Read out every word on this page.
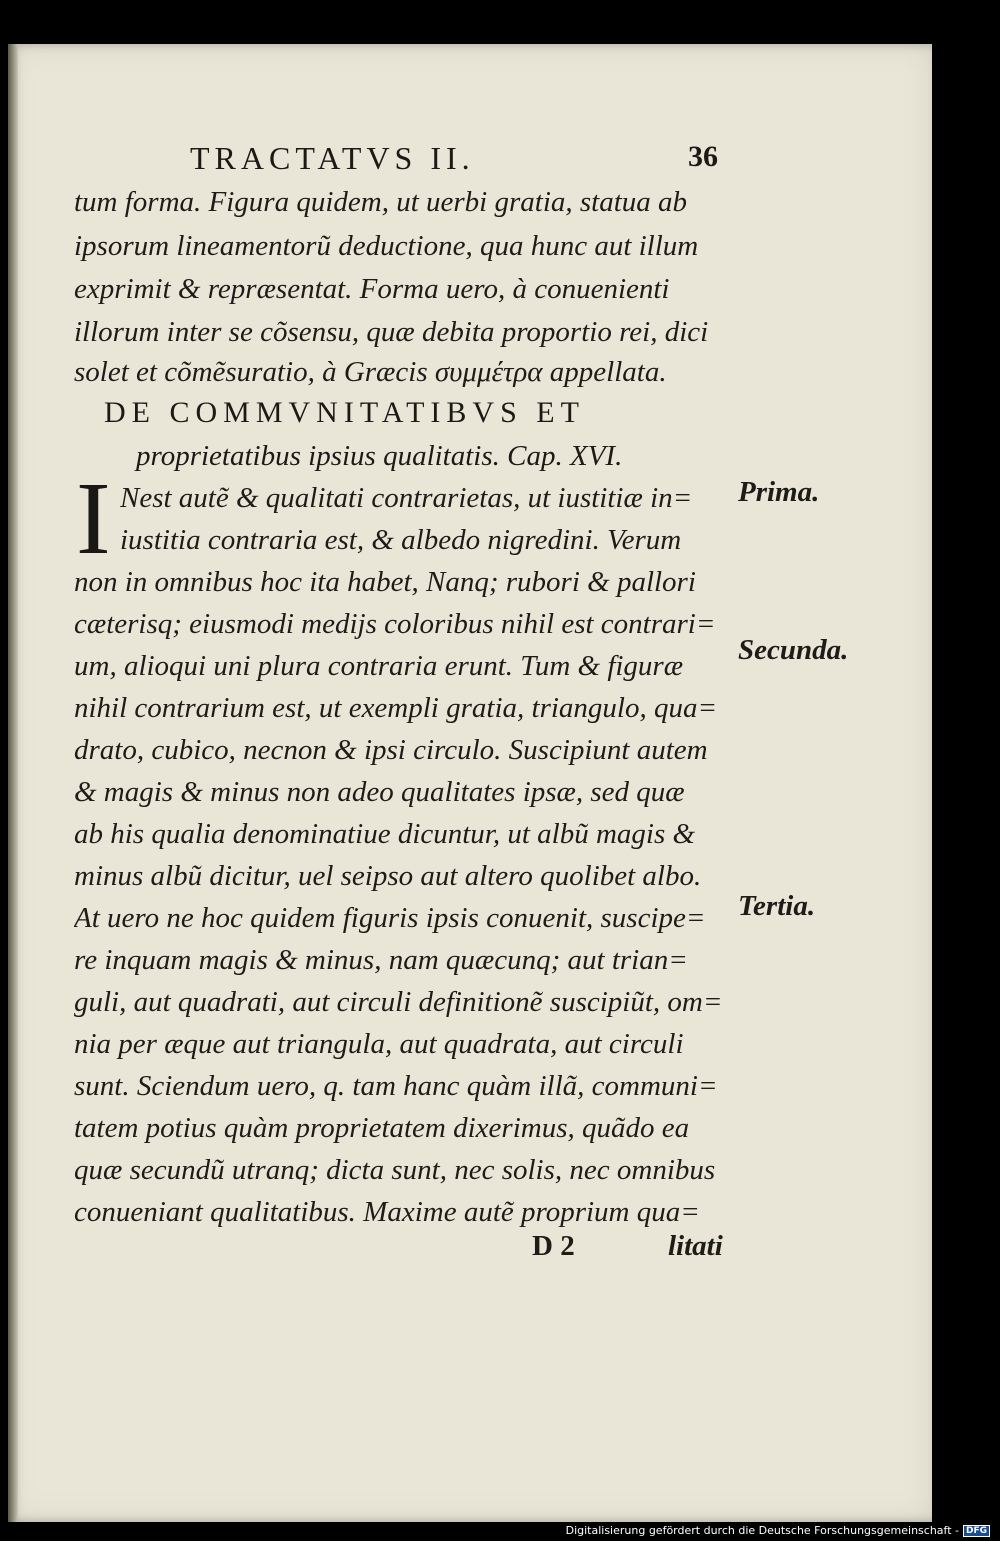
TRACTATVS II.	36
tum forma. Figura quidem, ut uerbi gratia, statua ab
ipsorum lineamentorũ deductione, qua hunc aut illum
exprimit & repræsentat. Forma uero, à conuenienti
illorum inter se cõsensu, quæ debita proportio rei, dici
solet et cõmẽsuratio, à Græcis συμμέτρα appellata.
DE COMMVNITATIBVS ET
proprietatibus ipsius qualitatis. Cap. XVI.
I Nest autẽ & qualitati contrarietas, ut iustitiæ in=
iustitia contraria est, & albedo nigredini. Verum
non in omnibus hoc ita habet, Nanq; rubori & pallori
cæterisq; eiusmodi medijs coloribus nihil est contrari=
um, alioqui uni plura contraria erunt. Tum & figuræ
nihil contrarium est, ut exempli gratia, triangulo, qua=
drato, cubico, necnon & ipsi circulo. Suscipiunt autem
& magis & minus non adeo qualitates ipsæ, sed quæ
ab his qualia denominatiue dicuntur, ut albũ magis &
minus albũ dicitur, uel seipso aut altero quolibet albo.
At uero ne hoc quidem figuris ipsis conuenit, suscipe=
re inquam magis & minus, nam quæcunq; aut trian=
guli, aut quadrati, aut circuli definitionẽ suscipiũt, om=
nia per æque aut triangula, aut quadrata, aut circuli
sunt. Sciendum uero, q. tam hanc quàm illã, communi=
tatem potius quàm proprietatem dixerimus, quãdo ea
quæ secundũ utranq; dicta sunt, nec solis, nec omnibus
conueniant qualitatibus. Maxime autẽ proprium qua=
Prima.
Secunda.
Tertia.
D 2	litati
Digitalisierung gefördert durch die Deutsche Forschungsgemeinschaft - DFG
